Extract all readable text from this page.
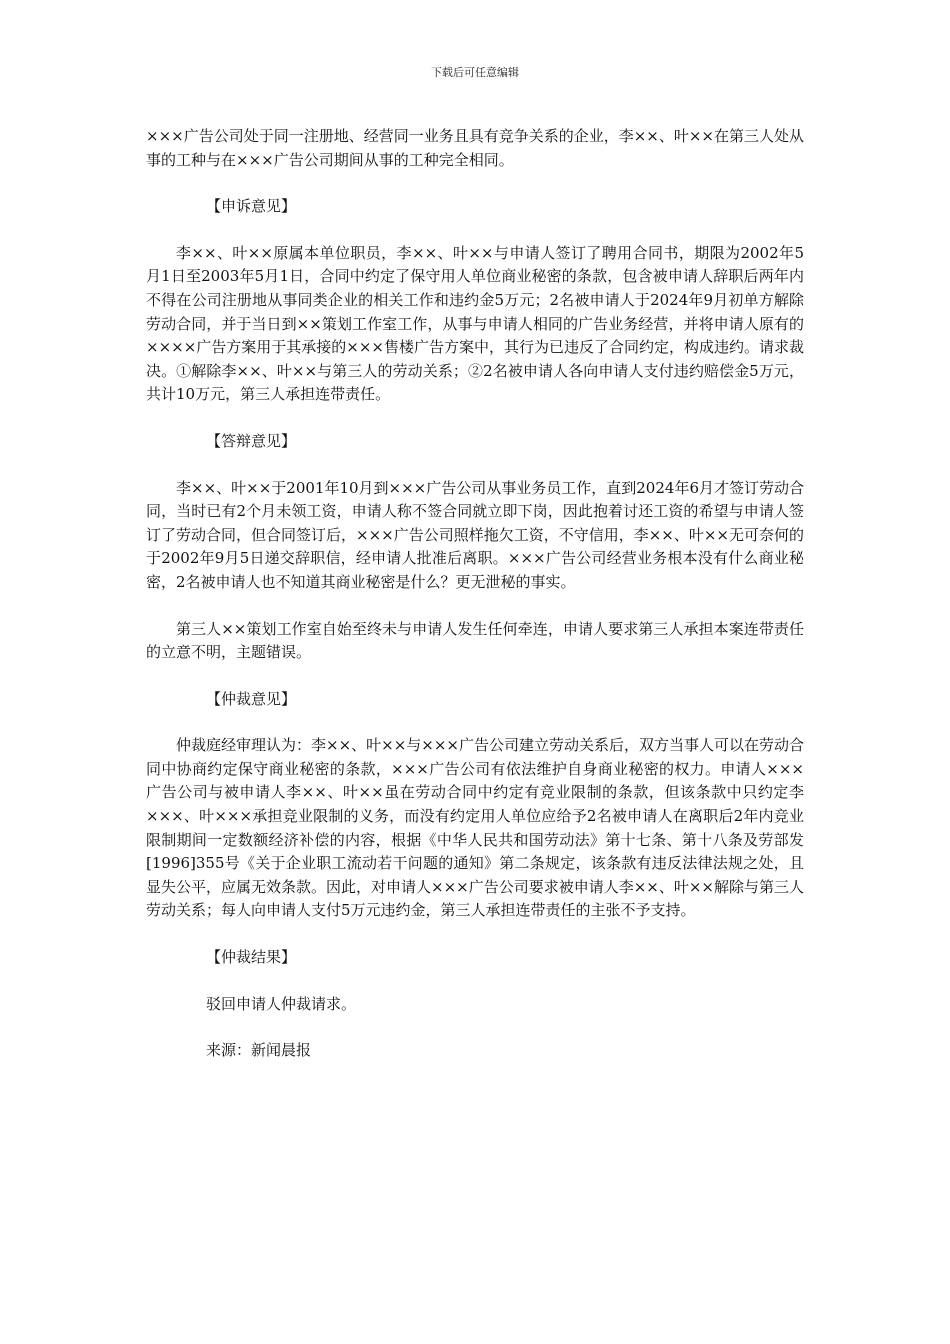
下载后可任意编辑

×××广告公司处于同一注册地、经营同一业务且具有竞争关系的企业，李××、叶××在第三人处从事的工种与在×××广告公司期间从事的工种完全相同。

【申诉意见】

李××、叶××原属本单位职员，李××、叶××与申请人签订了聘用合同书，期限为2002年5月1日至2003年5月1日，合同中约定了保守用人单位商业秘密的条款，包含被申请人辞职后两年内不得在公司注册地从事同类企业的相关工作和违约金5万元；2名被申请人于2024年9月初单方解除劳动合同，并于当日到××策划工作室工作，从事与申请人相同的广告业务经营，并将申请人原有的××××广告方案用于其承接的×××售楼广告方案中，其行为已违反了合同约定，构成违约。请求裁决。①解除李××、叶××与第三人的劳动关系；②2名被申请人各向申请人支付违约赔偿金5万元，共计10万元，第三人承担连带责任。

【答辩意见】

李××、叶××于2001年10月到×××广告公司从事业务员工作，直到2024年6月才签订劳动合同，当时已有2个月未领工资，申请人称不签合同就立即下岗，因此抱着讨还工资的希望与申请人签订了劳动合同，但合同签订后，×××广告公司照样拖欠工资，不守信用，李××、叶××无可奈何的于2002年9月5日递交辞职信，经申请人批准后离职。×××广告公司经营业务根本没有什么商业秘密，2名被申请人也不知道其商业秘密是什么？更无泄秘的事实。

第三人××策划工作室自始至终未与申请人发生任何牵连，申请人要求第三人承担本案连带责任的立意不明，主题错误。

【仲裁意见】

仲裁庭经审理认为：李××、叶××与×××广告公司建立劳动关系后，双方当事人可以在劳动合同中协商约定保守商业秘密的条款，×××广告公司有依法维护自身商业秘密的权力。申请人×××广告公司与被申请人李××、叶××虽在劳动合同中约定有竞业限制的条款，但该条款中只约定李×××、叶×××承担竞业限制的义务，而没有约定用人单位应给予2名被申请人在离职后2年内竞业限制期间一定数额经济补偿的内容，根据《中华人民共和国劳动法》第十七条、第十八条及劳部发[1996]355号《关于企业职工流动若干问题的通知》第二条规定，该条款有违反法律法规之处，且显失公平，应属无效条款。因此，对申请人×××广告公司要求被申请人李××、叶××解除与第三人劳动关系；每人向申请人支付5万元违约金，第三人承担连带责任的主张不予支持。

【仲裁结果】

驳回申请人仲裁请求。

来源：新闻晨报
